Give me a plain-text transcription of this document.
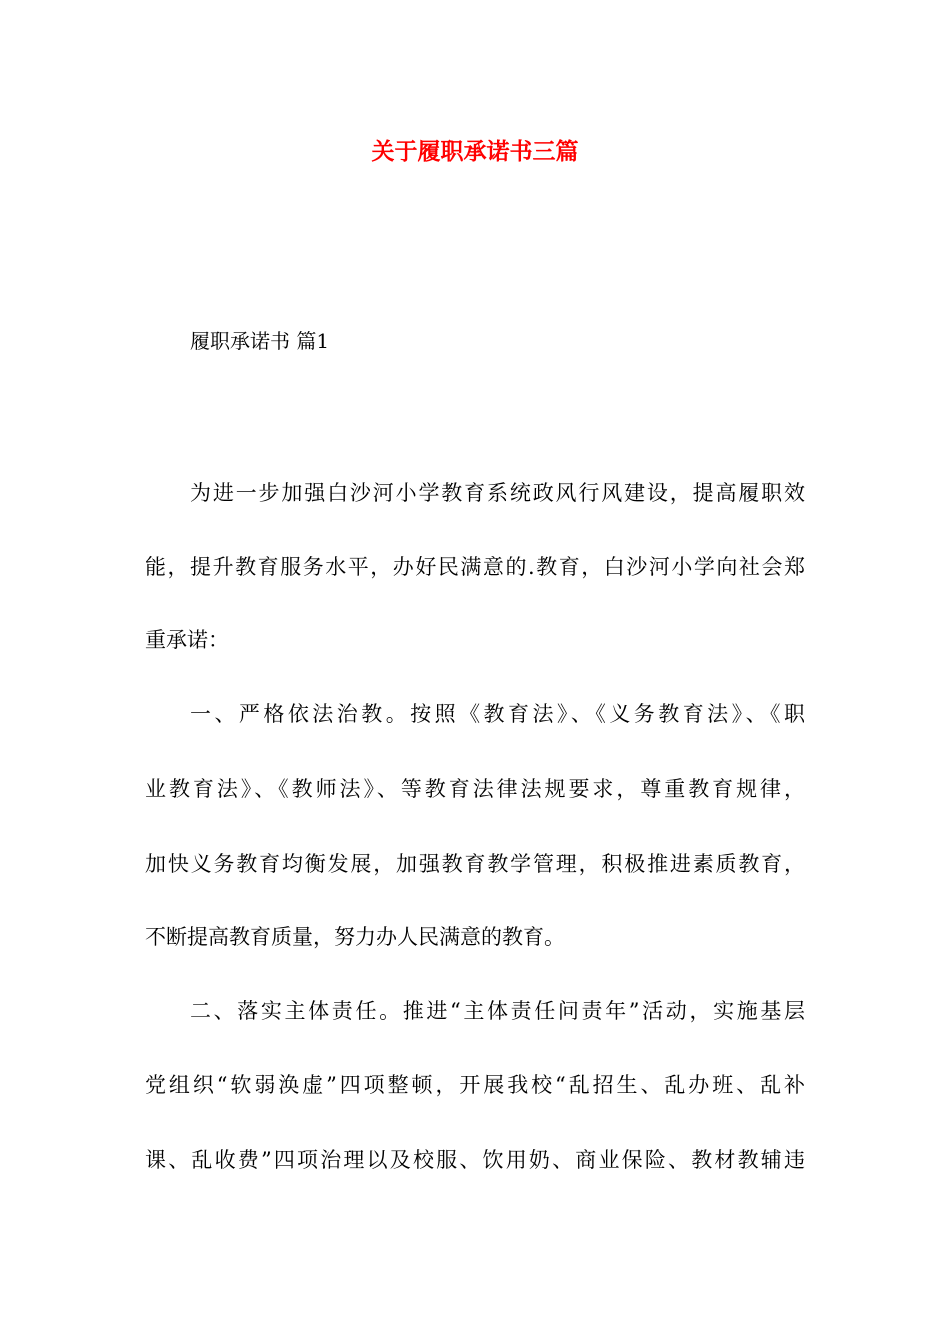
关于履职承诺书三篇

履职承诺书 篇1

为进一步加强白沙河小学教育系统政风行风建设，提高履职效

能，提升教育服务水平，办好民满意的.教育，白沙河小学向社会郑

重承诺：

一、严格依法治教。按照《教育法》、《义务教育法》、《职

业教育法》、《教师法》、等教育法律法规要求，尊重教育规律，

加快义务教育均衡发展，加强教育教学管理，积极推进素质教育，

不断提高教育质量，努力办人民满意的教育。

二、落实主体责任。推进“主体责任问责年”活动，实施基层

党组织“软弱涣虚”四项整顿，开展我校“乱招生、乱办班、乱补

课、乱收费”四项治理以及校服、饮用奶、商业保险、教材教辅违
